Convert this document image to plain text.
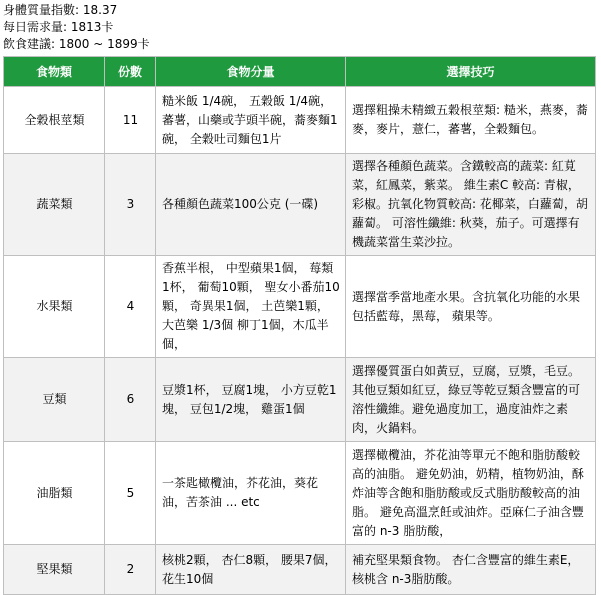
身體質量指數: 18.37
每日需求量: 1813卡
飲食建議: 1800 ~ 1899卡
食物類	份數	食物分量	選擇技巧
全穀根莖類	11	糙米飯 1/4碗， 五穀飯 1/4碗， 蕃薯，山藥或芋頭半碗，蕎麥麵1碗， 全穀吐司麵包1片	選擇粗操未精緻五穀根莖類: 糙米，燕麥，蕎麥，麥片，薏仁，蕃薯，全穀麵包。
蔬菜類	3	各種顏色蔬菜100公克 (一碟)	選擇各種顏色蔬菜。含鐵較高的蔬菜: 紅莧菜，紅鳳菜，紫菜。 維生素C 較高: 青椒，彩椒。抗氧化物質較高: 花椰菜，白蘿蔔，胡蘿蔔。 可溶性纖維: 秋葵，茄子。可選擇有機蔬菜當生菜沙拉。
水果類	4	香蕉半根， 中型蘋果1個， 莓類1杯， 葡萄10顆， 聖女小番茄10顆， 奇異果1個， 土芭樂1顆，大芭樂 1/3個 柳丁1個，木瓜半個，	選擇當季當地產水果。含抗氧化功能的水果包括藍莓，黑莓， 蘋果等。
豆類	6	豆漿1杯， 豆腐1塊， 小方豆乾1塊， 豆包1/2塊， 雞蛋1個	選擇優質蛋白如黃豆，豆腐，豆漿，毛豆。其他豆類如紅豆，綠豆等乾豆類含豐富的可溶性纖維。避免過度加工，過度油炸之素肉，火鍋料。
油脂類	5	一茶匙橄欖油，芥花油，葵花油，苦茶油 ... etc	選擇橄欖油，芥花油等單元不飽和脂肪酸較高的油脂。 避免奶油，奶精，植物奶油，酥炸油等含飽和脂肪酸或反式脂肪酸較高的油脂。 避免高溫烹飪或油炸。亞麻仁子油含豐富的 n-3 脂肪酸，
堅果類	2	核桃2顆， 杏仁8顆， 腰果7個， 花生10個	補充堅果類食物。 杏仁含豐富的維生素E，核桃含 n-3脂肪酸。
